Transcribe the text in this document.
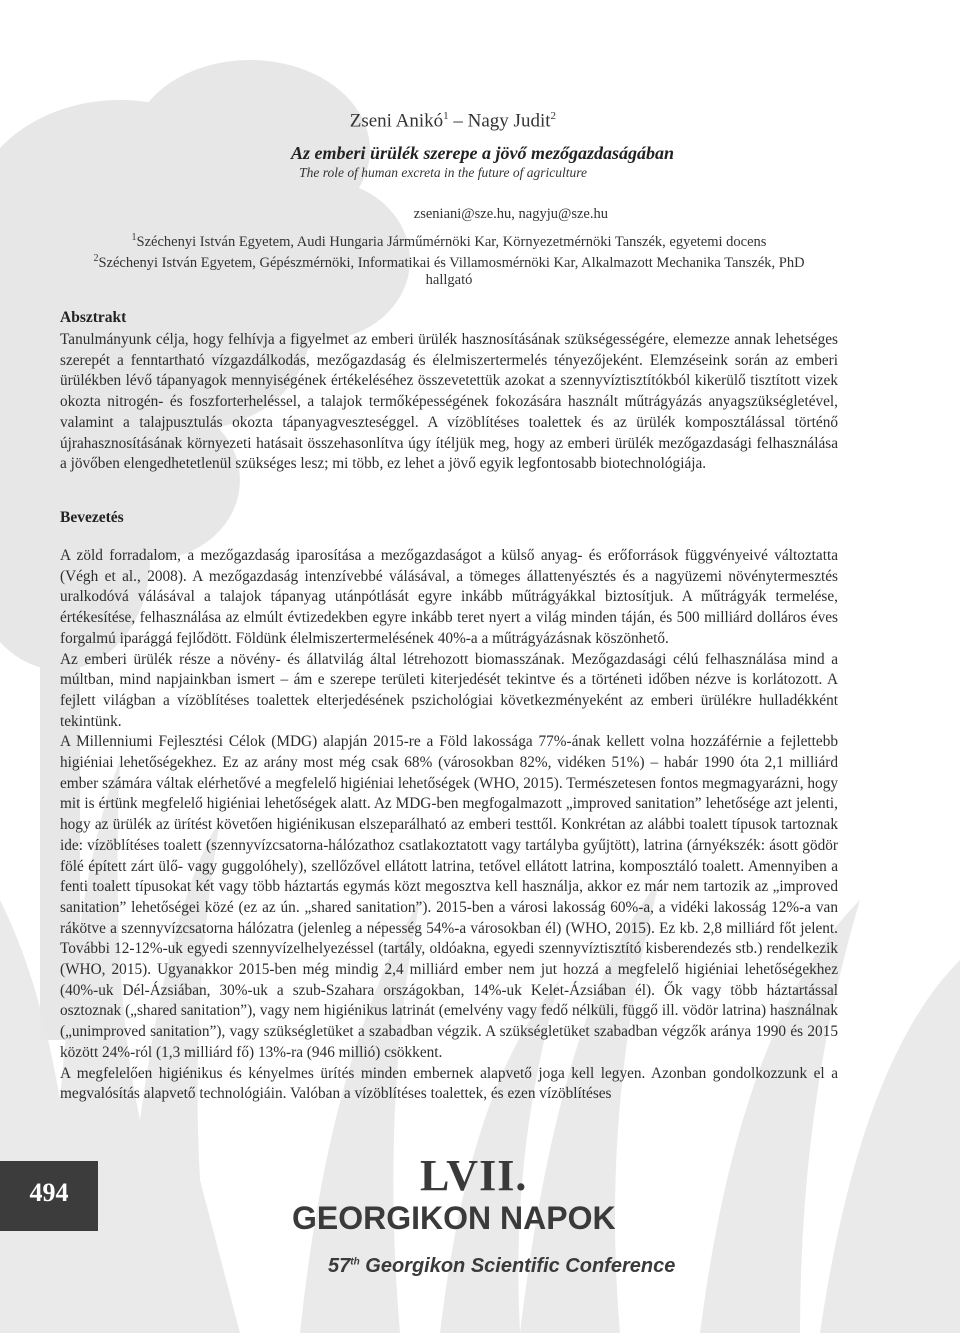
Zseni Anikó$^1$ – Nagy Judit$^2$
Az emberi ürülék szerepe a jövő mezőgazdaságában
The role of human excreta in the future of agriculture
zseniani@sze.hu, nagyju@sze.hu
$^1$Széchenyi István Egyetem, Audi Hungaria Járműmérnöki Kar, Környezetmérnöki Tanszék, egyetemi docens
$^2$Széchenyi István Egyetem, Gépészmérnöki, Informatikai és Villamosmérnöki Kar, Alkalmazott Mechanika Tanszék, PhD
hallgató
Absztrakt

Tanulmányunk célja, hogy felhívja a figyelmet az emberi ürülék hasznosításának szükségességére, elemezze annak lehetséges szerepét a fenntartható vízgazdálkodás, mezőgazdaság és élelmiszertermelés tényezőjeként. Elemzéseink során az emberi ürülékben lévő tápanyagok mennyiségének értékeléséhez összevetettük azokat a szennyvíztisztítókból kikerülő tisztított vizek okozta nitrogén- és foszforterheléssel, a talajok termőképességének fokozására használt műtrágyázás anyagszükségletével, valamint a talajpusztulás okozta tápanyagveszteséggel. A vízöblítéses toalettek és az ürülék komposztálással történő újrahasznosításának környezeti hatásait összehasonlítva úgy ítéljük meg, hogy az emberi ürülék mezőgazdasági felhasználása a jövőben elengedhetetlenül szükséges lesz; mi több, ez lehet a jövő egyik legfontosabb biotechnológiája.

Bevezetés

A zöld forradalom, a mezőgazdaság iparosítása a mezőgazdaságot a külső anyag- és erőforrások függvényeivé változtatta (Végh et al., 2008). A mezőgazdaság intenzívebbé válásával, a tömeges állattenyésztés és a nagyüzemi növénytermesztés uralkodóvá válásával a talajok tápanyag utánpótlását egyre inkább műtrágyákkal biztosítjuk. A műtrágyák termelése, értékesítése, felhasználása az elmúlt évtizedekben egyre inkább teret nyert a világ minden táján, és 500 milliárd dolláros éves forgalmú iparággá fejlődött. Földünk élelmiszertermelésének 40%-a a műtrágyázásnak köszönhető.

Az emberi ürülék része a növény- és állatvilág által létrehozott biomasszának. Mezőgazdasági célú felhasználása mind a múltban, mind napjainkban ismert – ám e szerepe területi kiterjedését tekintve és a történeti időben nézve is korlátozott. A fejlett világban a vízöblítéses toalettek elterjedésének pszichológiai következményeként az emberi ürülékre hulladékként tekintünk.

A Millenniumi Fejlesztési Célok (MDG) alapján 2015-re a Föld lakossága 77%-ának kellett volna hozzáférnie a fejlettebb higiéniai lehetőségekhez. Ez az arány most még csak 68% (városokban 82%, vidéken 51%) – habár 1990 óta 2,1 milliárd ember számára váltak elérhetővé a megfelelő higiéniai lehetőségek (WHO, 2015). Természetesen fontos megmagyarázni, hogy mit is értünk megfelelő higiéniai lehetőségek alatt. Az MDG-ben megfogalmazott „improved sanitation” lehetősége azt jelenti, hogy az ürülék az ürítést követően higiénikusan elszeparálható az emberi testtől. Konkrétan az alábbi toalett típusok tartoznak ide: vízöblítéses toalett (szennyvízcsatorna-hálózathoz csatlakoztatott vagy tartályba gyűjtött), latrina (árnyékszék: ásott gödör fölé épített zárt ülő- vagy guggolóhely), szellőzővel ellátott latrina, tetővel ellátott latrina, komposztáló toalett. Amennyiben a fenti toalett típusokat két vagy több háztartás egymás közt megosztva kell használja, akkor ez már nem tartozik az „improved sanitation” lehetőségei közé (ez az ún. „shared sanitation”). 2015-ben a városi lakosság 60%-a, a vidéki lakosság 12%-a van rákötve a szennyvízcsatorna hálózatra (jelenleg a népesség 54%-a városokban él) (WHO, 2015). Ez kb. 2,8 milliárd főt jelent. További 12-12%-uk egyedi szennyvízelhelyezéssel (tartály, oldóakna, egyedi szennyvíztisztító kisberendezés stb.) rendelkezik (WHO, 2015). Ugyanakkor 2015-ben még mindig 2,4 milliárd ember nem jut hozzá a megfelelő higiéniai lehetőségekhez (40%-uk Dél-Ázsiában, 30%-uk a szub-Szahara országokban, 14%-uk Kelet-Ázsiában él). Ők vagy több háztartással osztoznak („shared sanitation”), vagy nem higiénikus latrinát (emelvény vagy fedő nélküli, függő ill. vödör latrina) használnak („unimproved sanitation”), vagy szükségletüket a szabadban végzik. A szükségletüket szabadban végzők aránya 1990 és 2015 között 24%-ról (1,3 milliárd fő) 13%-ra (946 millió) csökkent.

A megfelelően higiénikus és kényelmes ürítés minden embernek alapvető joga kell legyen. Azonban gondolkozzunk el a megvalósítás alapvető technológiáin. Valóban a vízöblítéses toalettek, és ezen vízöblítéses

494	LVII.
GEORGIKON NAPOK
57th Georgikon Scientific Conference
